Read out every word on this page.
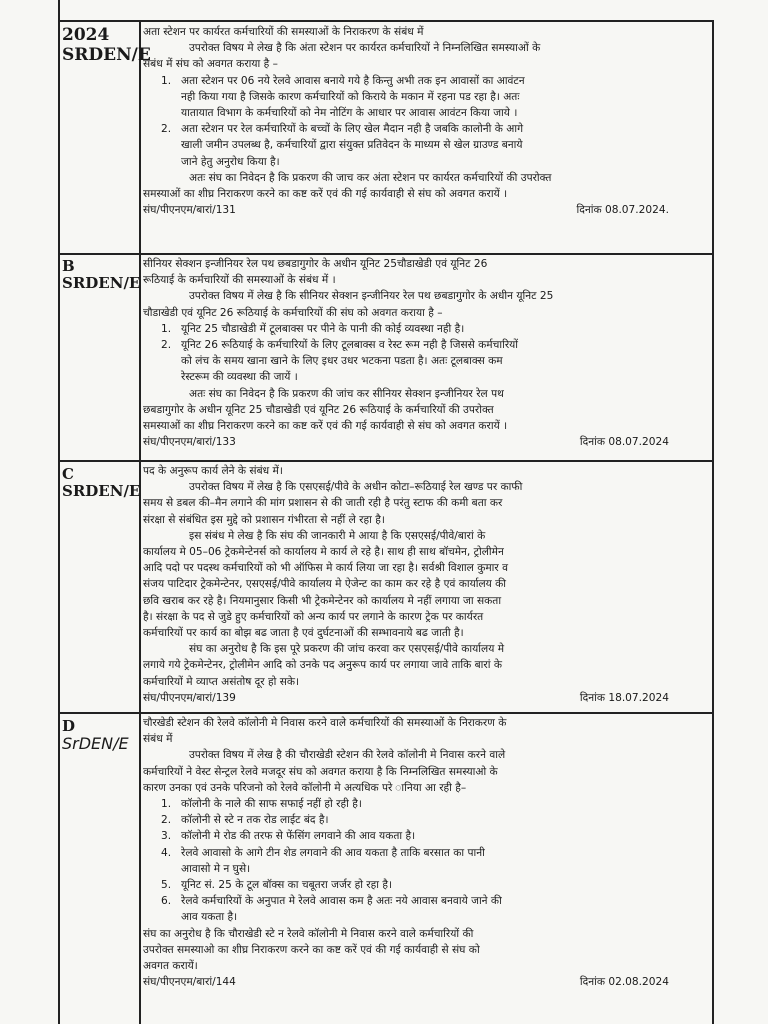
2024
SRDEN/E

अता स्टेशन पर कार्यरत कर्मचारियों की समस्याओं के निराकरण के संबंध में

उपरोक्त विषय मे लेख है कि अंता स्टेशन पर कार्यरत कर्मचारियों ने निम्नलिखित समस्याओं के

संबंध में संघ को अवगत कराया है –

1. अता स्टेशन पर 06 नये रेलवे आवास बनाये गये है किन्तु अभी तक इन आवासों का आवंटन

नही किया गया है जिसके कारण कर्मचारियों को किराये के मकान में रहना पड रहा है। अतः

यातायात विभाग के कर्मचारियों को नेम नोटिंग के आधार पर आवास आवंटन किया जाये ।

2. अता स्टेशन पर रेल कर्मचारियों के बच्चों के लिए खेल मैदान नही है जबकि कालोनी के आगे

खाली जमीन उपलब्ध है, कर्मचारियों द्वारा संयुक्त प्रतिवेदन के माध्यम से खेल ग्राउण्ड बनाये

जाने हेतु अनुरोध किया है।

अतः संघ का निवेदन है कि प्रकरण की जाच कर अंता स्टेशन पर कार्यरत कर्मचारियों की उपरोक्त

समस्याओं का शीघ्र निराकरण करने का कष्ट करें एवं की गई कार्यवाही से संघ को अवगत करायें ।

संघ/पीएनएम/बारां/131	दिनांक 08.07.2024.

B
SRDEN/E

सीनियर सेक्शन इन्जीनियर रेल पथ छबडागुगोर के अधीन यूनिट 25चौडाखेडी एवं यूनिट 26

रूठियाई के कर्मचारियों की समस्याओं के संबंध में ।

उपरोक्त विषय में लेख है कि सीनियर सेक्शन इन्जीनियर रेल पथ छबडागुगोर के अधीन यूनिट 25

चौडाखेडी एवं यूनिट 26 रूठियाई के कर्मचारियों की संघ को अवगत कराया है –

1. यूनिट 25 चौडाखेडी में टूलबाक्स पर पीने के पानी की कोई व्यवस्था नही है।

2. यूनिट 26 रूठियाई के कर्मचारियों के लिए टूलबाक्स व रेस्ट रूम नही है जिससे कर्मचारियों

को लंच के समय खाना खाने के लिए इधर उधर भटकना पडता है। अतः टूलबाक्स कम

रेस्टरूम की व्यवस्था की जायें ।

अतः संघ का निवेदन है कि प्रकरण की जांच कर सीनियर सेक्शन इन्जीनियर रेल पथ

छबडागुगोर के अधीन यूनिट 25 चौडाखेडी एवं यूनिट 26 रूठियाई के कर्मचारियों की उपरोक्त

समस्याओं का शीघ्र निराकरण करने का कष्ट करें एवं की गई कार्यवाही से संघ को अवगत करायें ।

संघ/पीएनएम/बारां/133	दिनांक 08.07.2024

C
SRDEN/E

पद के अनुरूप कार्य लेने के संबंध में।

उपरोक्त विषय में लेख है कि एसएसई/पीवे के अधीन कोटा–रूठियाई रेल खण्ड पर काफी

समय से डबल की–मैन लगाने की मांग प्रशासन से की जाती रही है परंतु स्टाफ की कमी बता कर

संरक्षा से संबंधित इस मुद्दे को प्रशासन गंभीरता से नहीं ले रहा है।

इस संबंध मे लेख है कि संघ की जानकारी मे आया है कि एसएसई/पीवे/बारां के

कार्यालय मे 05–06 ट्रेकमेन्टेनर्स को कार्यालय मे कार्य ले रहे है। साथ ही साथ बॉचमेन, ट्रोलीमेन

आदि पदो पर पदस्थ कर्मचारियों को भी ऑफिस मे कार्य लिया जा रहा है। सर्वश्री विशाल कुमार व

संजय पाटिदार ट्रेकमेन्टेनर, एसएसई/पीवे कार्यालय मे ऐजेन्ट का काम कर रहे है एवं कार्यालय की

छवि खराब कर रहे है। नियमानुसार किसी भी ट्रेकमेन्टेनर को कार्यालय मे नहीं लगाया जा सकता

है। संरक्षा के पद से जुडे हुए कर्मचारियों को अन्य कार्य पर लगाने के कारण ट्रेक पर कार्यरत

कर्मचारियों पर कार्य का बोझ बढ जाता है एवं दुर्घटनाओं की सम्भावनाये बढ जाती है।

संघ का अनुरोध है कि इस पूरे प्रकरण की जांच करवा कर एसएसई/पीवे कार्यालय मे

लगाये गये ट्रेकमेन्टेनर, ट्रोलीमेन आदि को उनके पद अनुरूप कार्य पर लगाया जावे ताकि बारां के

कर्मचारियों मे व्याप्त असंतोष दूर हो सके।

संघ/पीएनएम/बारां/139	दिनांक 18.07.2024

D
SrDEN/E

चौरखेडी स्टेशन की रेलवे कॉलोनी मे निवास करने वाले कर्मचारियों की समस्याओं के निराकरण के

संबंध में

उपरोक्त विषय में लेख है की चौराखेडी स्टेशन की रेलवे कॉलोनी मे निवास करने वाले

कर्मचारियों ने वेस्ट सेन्ट्रल रेलवे मजदूर संघ को अवगत कराया है कि निम्नलिखित समस्याओ के

कारण उनका एवं उनके परिजनो को रेलवे कॉलोनी मे अत्यधिक परे ानिया आ रही है–

1. कॉलोनी के नाले की साफ सफाई नहीं हो रही है।

2. कॉलोनी से स्टे न तक रोड लाईट बंद है।

3. कॉलोनी मे रोड की तरफ से फेंसिंग लगवाने की आव यकता है।

4. रेलवे आवासो के आगे टीन शेड लगवाने की आव यकता है ताकि बरसात का पानी

आवासो मे न घुसे।

5. यूनिट सं. 25 के टूल बॉक्स का चबूतरा जर्जर हो रहा है।

6. रेलवे कर्मचारियों के अनुपात मे रेलवे आवास कम है अतः नये आवास बनवाये जाने की

आव यकता है।

संघ का अनुरोध है कि चौराखेडी स्टे न रेलवे कॉलोनी मे निवास करने वाले कर्मचारियों की

उपरोक्त समस्याओ का शीघ्र निराकरण करने का कष्ट करें एवं की गई कार्यवाही से संघ को

अवगत करायें।

संघ/पीएनएम/बारां/144	दिनांक 02.08.2024
